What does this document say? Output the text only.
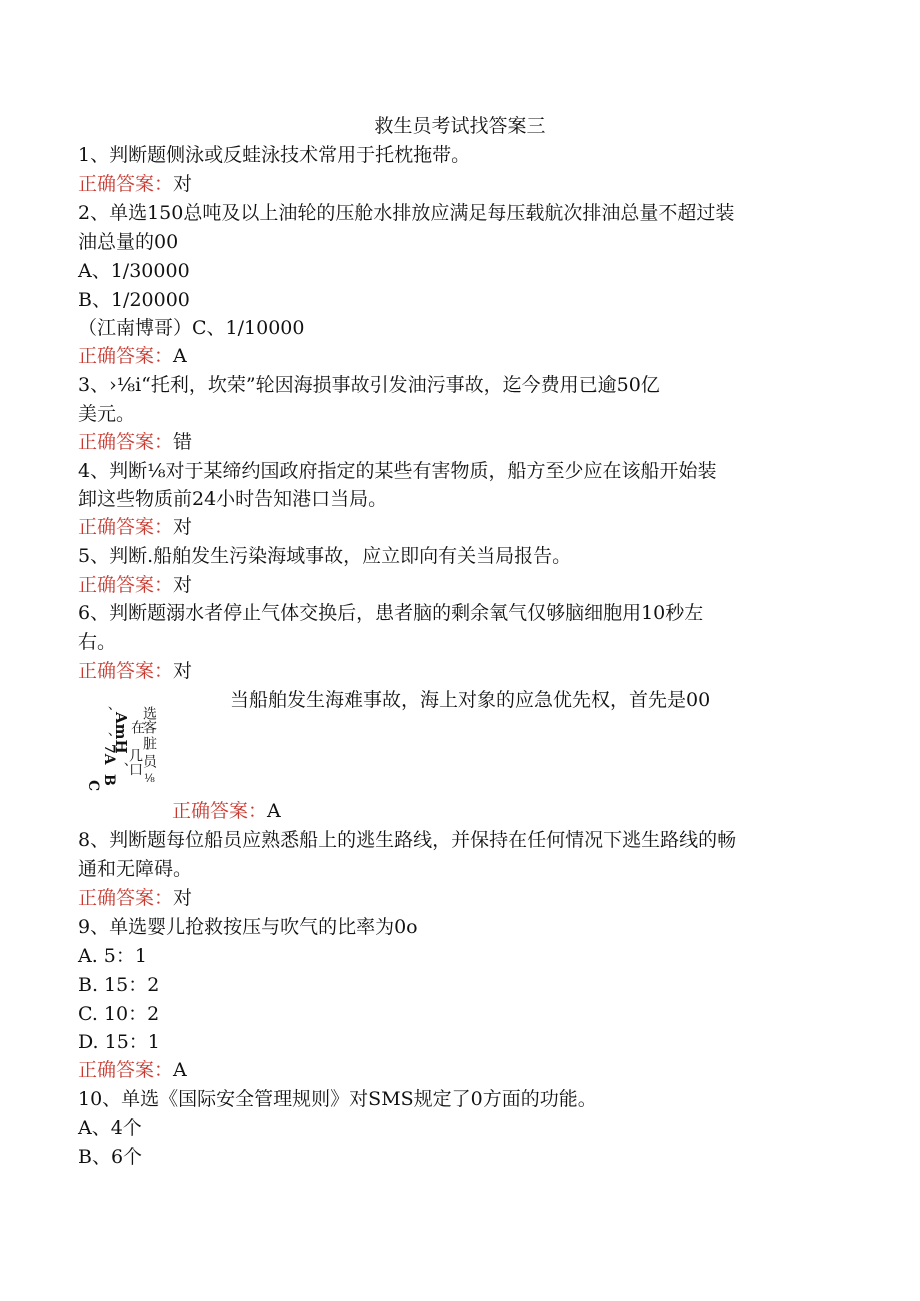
救生员考试找答案三
1、判断题侧泳或反蛙泳技术常用于托枕拖带。
正确答案：对
2、单选150总吨及以上油轮的压舱水排放应满足每压载航次排油总量不超过装
油总量的00
A、1/30000
B、1/20000
（江南博哥）C、1/10000
正确答案：A
3、›⅛i“托利，坎荣”轮因海损事故引发油污事故，迄今费用已逾50亿
美元。
正确答案：错
4、判断⅛对于某缔约国政府指定的某些有害物质，船方至少应在该船开始装
卸这些物质前24小时告知港口当局。
正确答案：对
5、判断.船舶发生污染海域事故，应立即向有关当局报告。
正确答案：对
6、判断题溺水者停止气体交换后，患者脑的剩余氧气仅够脑细胞用10秒左
右。
正确答案：对
当船舶发生海难事故，海上对象的应急优先权，首先是00
选客
在
脏
员
几口
⅛
AmH
7A
C B
、
、
、
正确答案：A
8、判断题每位船员应熟悉船上的逃生路线，并保持在任何情况下逃生路线的畅
通和无障碍。
正确答案：对
9、单选婴儿抢救按压与吹气的比率为0o
A. 5：1
B. 15：2
C. 10：2
D. 15：1
正确答案：A
10、单选《国际安全管理规则》对SMS规定了0方面的功能。
A、4个
B、6个
